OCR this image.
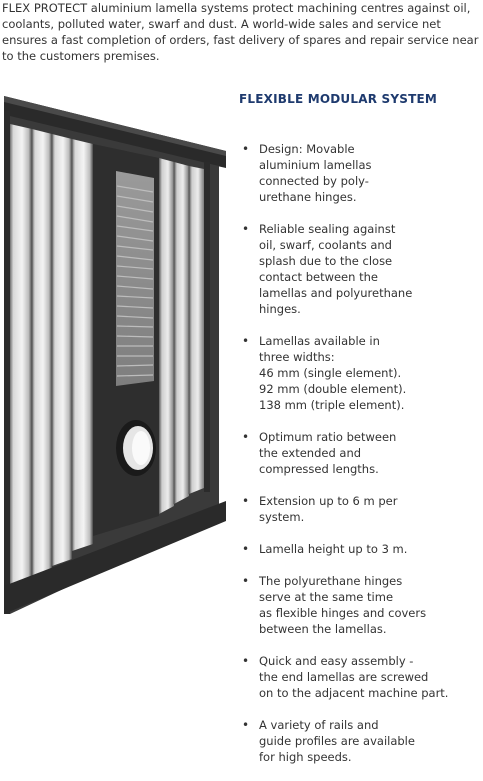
FLEX PROTECT aluminium lamella systems protect machining centres against oil,
coolants, polluted water, swarf and dust. A world-wide sales and service net
ensures a fast completion of orders, fast delivery of spares and repair service near
to the customers premises.
FLEXIBLE MODULAR SYSTEM
• Design: Movable
aluminium lamellas
connected by poly-
urethane hinges.
• Reliable sealing against
oil, swarf, coolants and
splash due to the close
contact between the
lamellas and polyurethane
hinges.
• Lamellas available in
three widths:
46 mm (single element).
92 mm (double element).
138 mm (triple element).
• Optimum ratio between
the extended and
compressed lengths.
• Extension up to 6 m per
system.
• Lamella height up to 3 m.
• The polyurethane hinges
serve at the same time
as flexible hinges and covers
between the lamellas.
• Quick and easy assembly -
the end lamellas are screwed
on to the adjacent machine part.
• A variety of rails and
guide profiles are available
for high speeds.
